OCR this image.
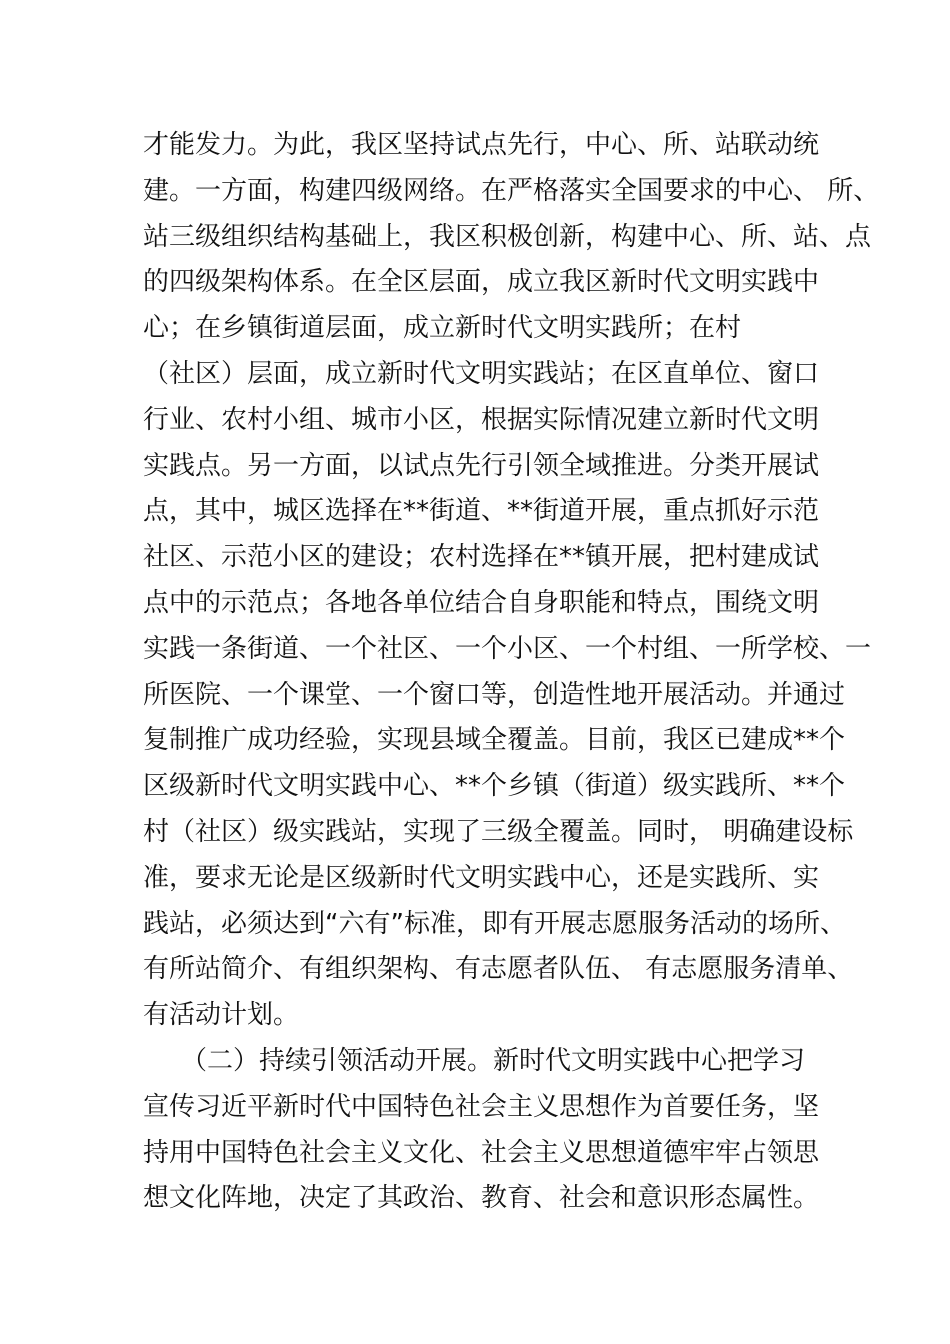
才能发力。为此，我区坚持试点先行，中心、所、站联动统
建。一方面，构建四级网络。在严格落实全国要求的中心、 所、
站三级组织结构基础上，我区积极创新，构建中心、所、站、点
的四级架构体系。在全区层面，成立我区新时代文明实践中
心；在乡镇街道层面，成立新时代文明实践所；在村
（社区）层面，成立新时代文明实践站；在区直单位、窗口
行业、农村小组、城市小区，根据实际情况建立新时代文明
实践点。另一方面，以试点先行引领全域推进。分类开展试
点，其中，城区选择在**街道、**街道开展，重点抓好示范
社区、示范小区的建设；农村选择在**镇开展，把村建成试
点中的示范点；各地各单位结合自身职能和特点，围绕文明
实践一条街道、一个社区、一个小区、一个村组、一所学校、一
所医院、一个课堂、一个窗口等，创造性地开展活动。并通过
复制推广成功经验，实现县域全覆盖。目前，我区已建成**个
区级新时代文明实践中心、**个乡镇（街道）级实践所、**个
村（社区）级实践站，实现了三级全覆盖。同时， 明确建设标
准，要求无论是区级新时代文明实践中心，还是实践所、实
践站，必须达到“六有”标准，即有开展志愿服务活动的场所、
有所站简介、有组织架构、有志愿者队伍、 有志愿服务清单、
有活动计划。
（二）持续引领活动开展。新时代文明实践中心把学习
宣传习近平新时代中国特色社会主义思想作为首要任务，坚
持用中国特色社会主义文化、社会主义思想道德牢牢占领思
想文化阵地，决定了其政治、教育、社会和意识形态属性。
